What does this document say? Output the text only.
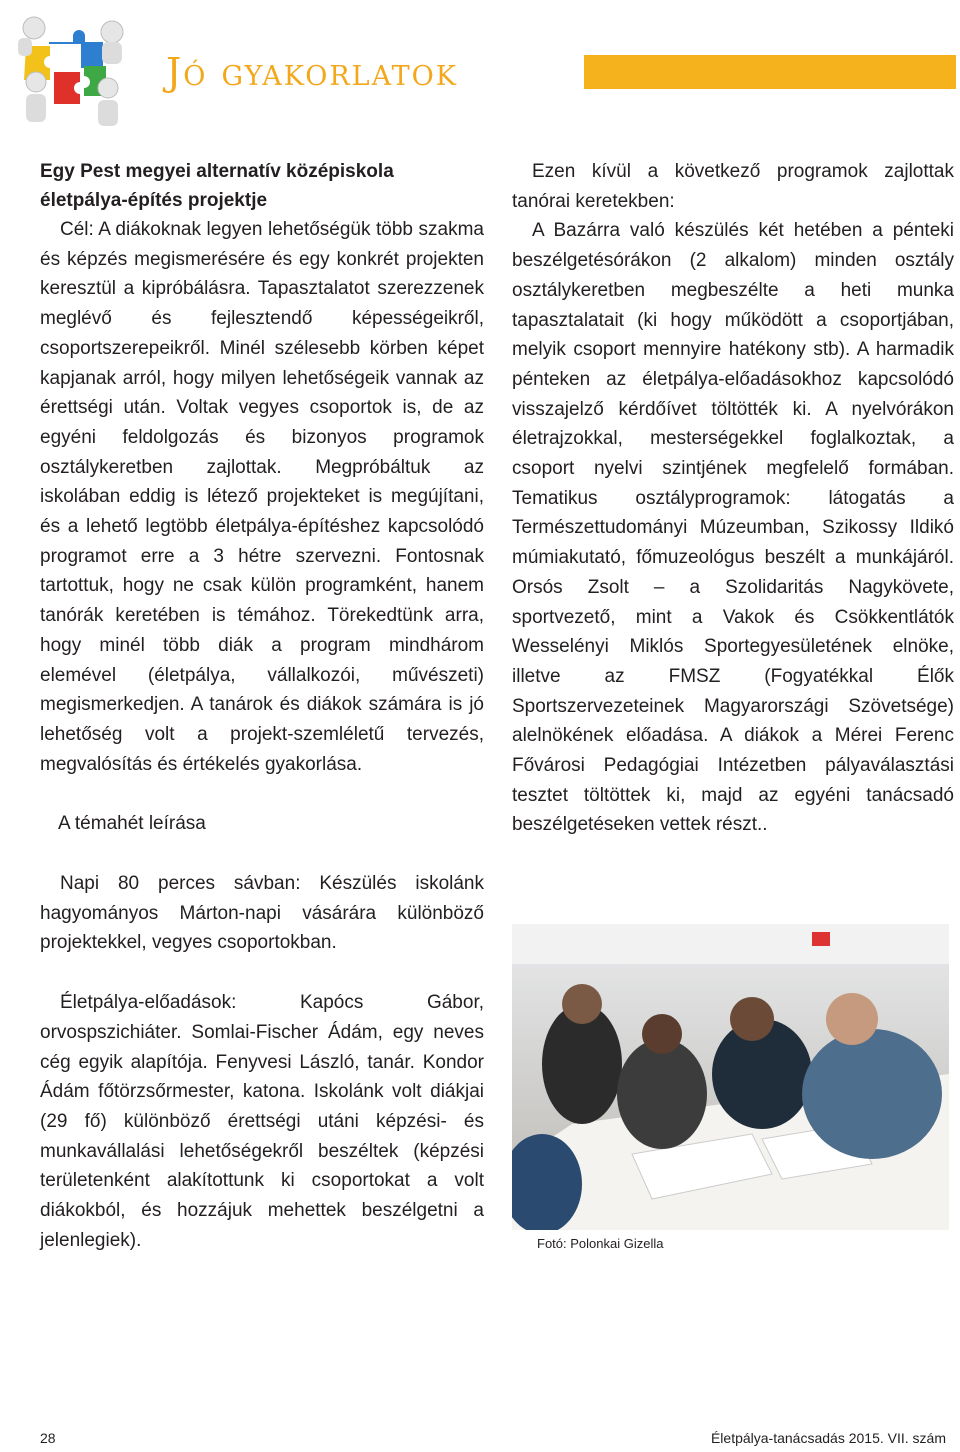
Jó gyakorlatok

Egy Pest megyei alternatív középiskola életpálya-építés projektje

Cél: A diákoknak legyen lehetőségük több szakma és képzés megismerésére és egy konkrét projekten keresztül a kipróbálásra. Tapasztalatot szerezzenek meglévő és fejlesztendő képességeikről, csoportszerepeikről. Minél szélesebb körben képet kapjanak arról, hogy milyen lehetőségeik vannak az érettségi után. Voltak vegyes csoportok is, de az egyéni feldolgozás és bizonyos programok osztálykeretben zajlottak. Megpróbáltuk az iskolában eddig is létező projekteket is megújítani, és a lehető legtöbb életpálya-építéshez kapcsolódó programot erre a 3 hétre szervezni. Fontosnak tartottuk, hogy ne csak külön programként, hanem tanórák keretében is témához. Törekedtünk arra, hogy minél több diák a program mindhárom elemével (életpálya, vállalkozói, művészeti) megismerkedjen. A tanárok és diákok számára is jó lehetőség volt a projekt-szemléletű tervezés, megvalósítás és értékelés gyakorlása.

A témahét leírása

Napi 80 perces sávban: Készülés iskolánk hagyományos Márton-napi vásárára különböző projektekkel, vegyes csoportokban.

Életpálya-előadások: Kapócs Gábor, orvospszichiáter. Somlai-Fischer Ádám, egy neves cég egyik alapítója. Fenyvesi László, tanár. Kondor Ádám főtörzsőrmester, katona. Iskolánk volt diákjai (29 fő) különböző érettségi utáni képzési- és munkavállalási lehetőségekről beszéltek (képzési területenként alakítottunk ki csoportokat a volt diákokból, és hozzájuk mehettek beszélgetni a jelenlegiek).

Ezen kívül a következő programok zajlottak tanórai keretekben:

A Bazárra való készülés két hetében a pénteki beszélgetésórákon (2 alkalom) minden osztály osztálykeretben megbeszélte a heti munka tapasztalatait (ki hogy működött a csoportjában, melyik csoport mennyire hatékony stb). A harmadik pénteken az életpálya-előadásokhoz kapcsolódó visszajelző kérdőívet töltötték ki. A nyelvórákon életrajzokkal, mesterségekkel foglalkoztak, a csoport nyelvi szintjének megfelelő formában. Tematikus osztályprogramok: látogatás a Természettudományi Múzeumban, Szikossy Ildikó múmiakutató, főmuzeológus beszélt a munkájáról. Orsós Zsolt – a Szolidaritás Nagykövete, sportvezető, mint a Vakok és Csökkentlátók Wesselényi Miklós Sportegyesületének elnöke, illetve az FMSZ (Fogyatékkal Élők Sportszervezeteinek Magyarországi Szövetsége) alelnökének előadása. A diákok a Mérei Ferenc Fővárosi Pedagógiai Intézetben pályaválasztási tesztet töltöttek ki, majd az egyéni tanácsadó beszélgetéseken vettek részt..

Fotó: Polonkai Gizella
28	Életpálya-tanácsadás 2015. VII. szám
